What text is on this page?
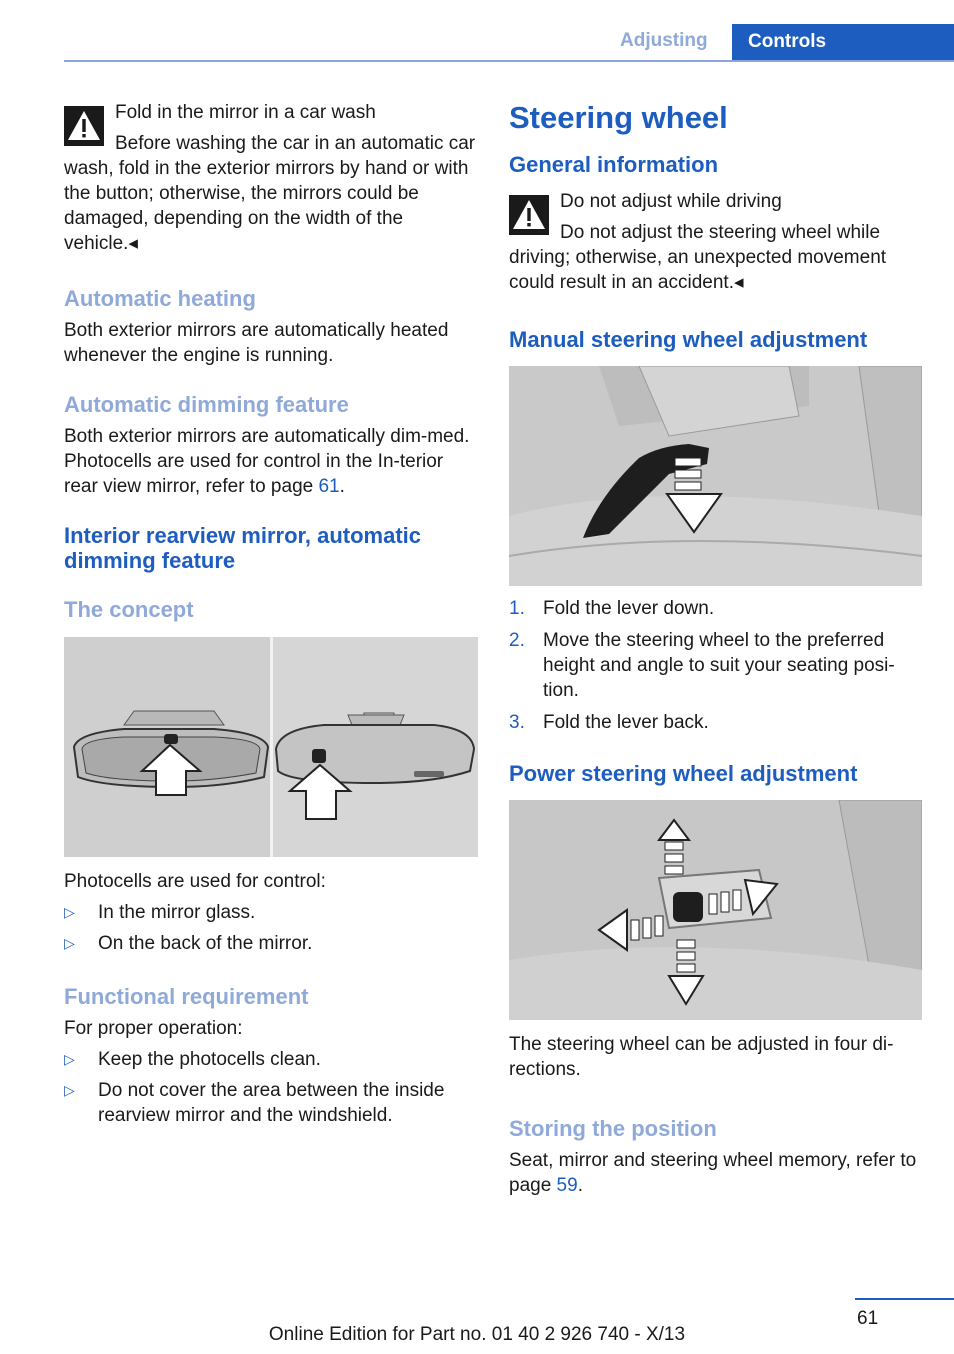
Adjusting	Controls

Fold in the mirror in a car wash

Before washing the car in an automatic car wash, fold in the exterior mirrors by hand or with the button; otherwise, the mirrors could be damaged, depending on the width of the vehicle.◂

Automatic heating

Both exterior mirrors are automatically heated whenever the engine is running.

Automatic dimming feature

Both exterior mirrors are automatically dim‐med. Photocells are used for control in the In‐terior rear view mirror, refer to page 61.

Interior rearview mirror, automatic dimming feature
The concept

Photocells are used for control:

▷ In the mirror glass.
▷ On the back of the mirror.
Functional requirement

For proper operation:

▷ Keep the photocells clean.
▷ Do not cover the area between the inside rearview mirror and the windshield.
Steering wheel
General information

Do not adjust while driving

Do not adjust the steering wheel while driving; otherwise, an unexpected movement could result in an accident.◂

Manual steering wheel adjustment
1. Fold the lever down.
2. Move the steering wheel to the preferred height and angle to suit your seating posi‐tion.
3. Fold the lever back.
Power steering wheel adjustment

The steering wheel can be adjusted in four di‐rections.

Storing the position

Seat, mirror and steering wheel memory, refer to page 59.

61
Online Edition for Part no. 01 40 2 926 740 - X/13
